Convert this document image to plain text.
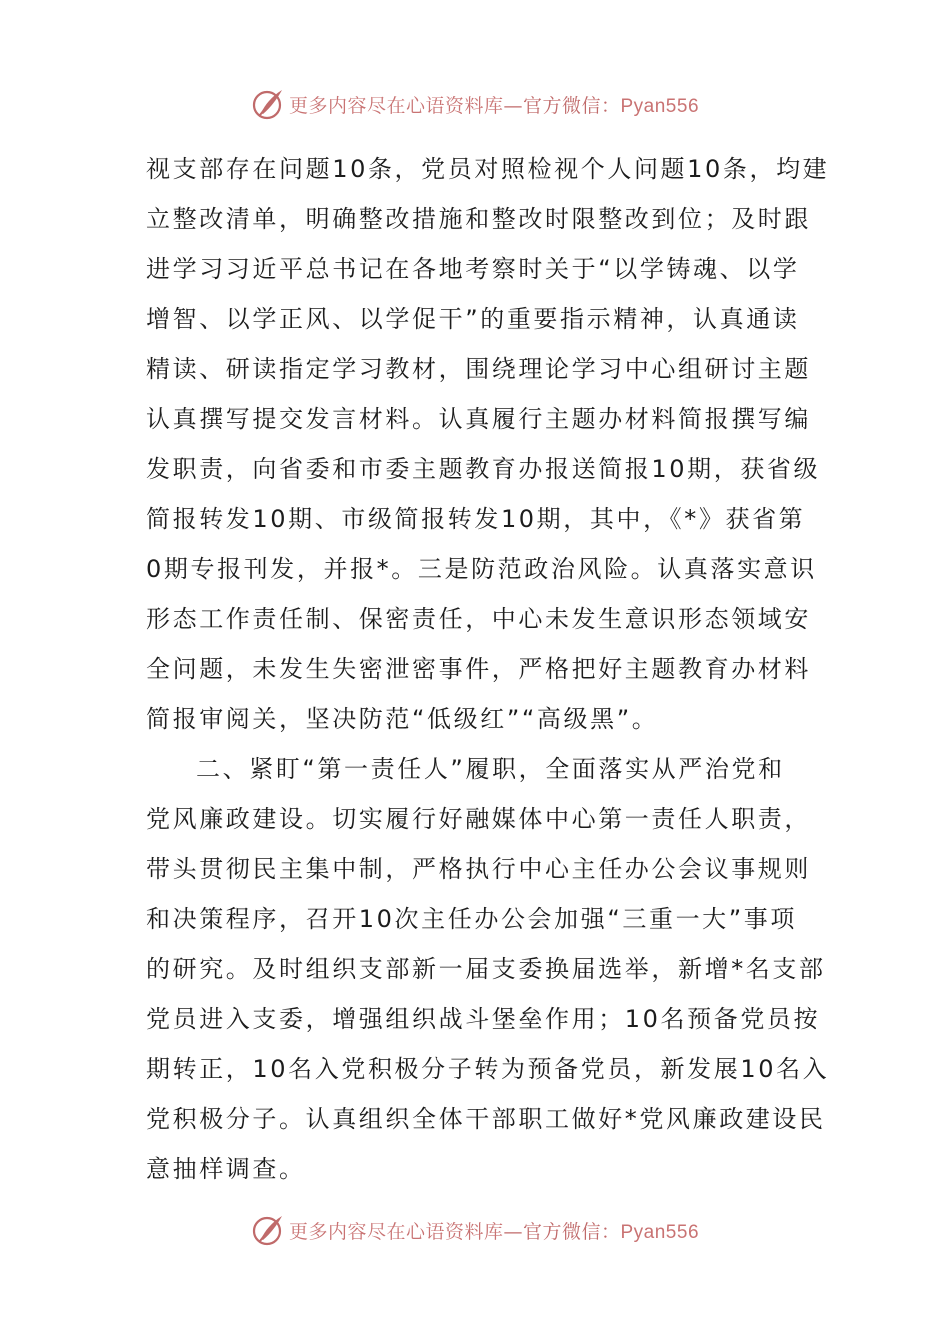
更多内容尽在心语资料库—官方微信：Pyan556
视支部存在问题10条，党员对照检视个人问题10条，均建
立整改清单，明确整改措施和整改时限整改到位；及时跟
进学习习近平总书记在各地考察时关于“以学铸魂、以学
增智、以学正风、以学促干”的重要指示精神，认真通读
精读、研读指定学习教材，围绕理论学习中心组研讨主题
认真撰写提交发言材料。认真履行主题办材料简报撰写编
发职责，向省委和市委主题教育办报送简报10期，获省级
简报转发10期、市级简报转发10期，其中，《*》获省第
0期专报刊发，并报*。三是防范政治风险。认真落实意识
形态工作责任制、保密责任，中心未发生意识形态领域安
全问题，未发生失密泄密事件，严格把好主题教育办材料
简报审阅关，坚决防范“低级红”“高级黑”。
二、紧盯“第一责任人”履职，全面落实从严治党和
党风廉政建设。切实履行好融媒体中心第一责任人职责，
带头贯彻民主集中制，严格执行中心主任办公会议事规则
和决策程序，召开10次主任办公会加强“三重一大”事项
的研究。及时组织支部新一届支委换届选举，新增*名支部
党员进入支委，增强组织战斗堡垒作用；10名预备党员按
期转正，10名入党积极分子转为预备党员，新发展10名入
党积极分子。认真组织全体干部职工做好*党风廉政建设民
意抽样调查。
更多内容尽在心语资料库—官方微信：Pyan556
